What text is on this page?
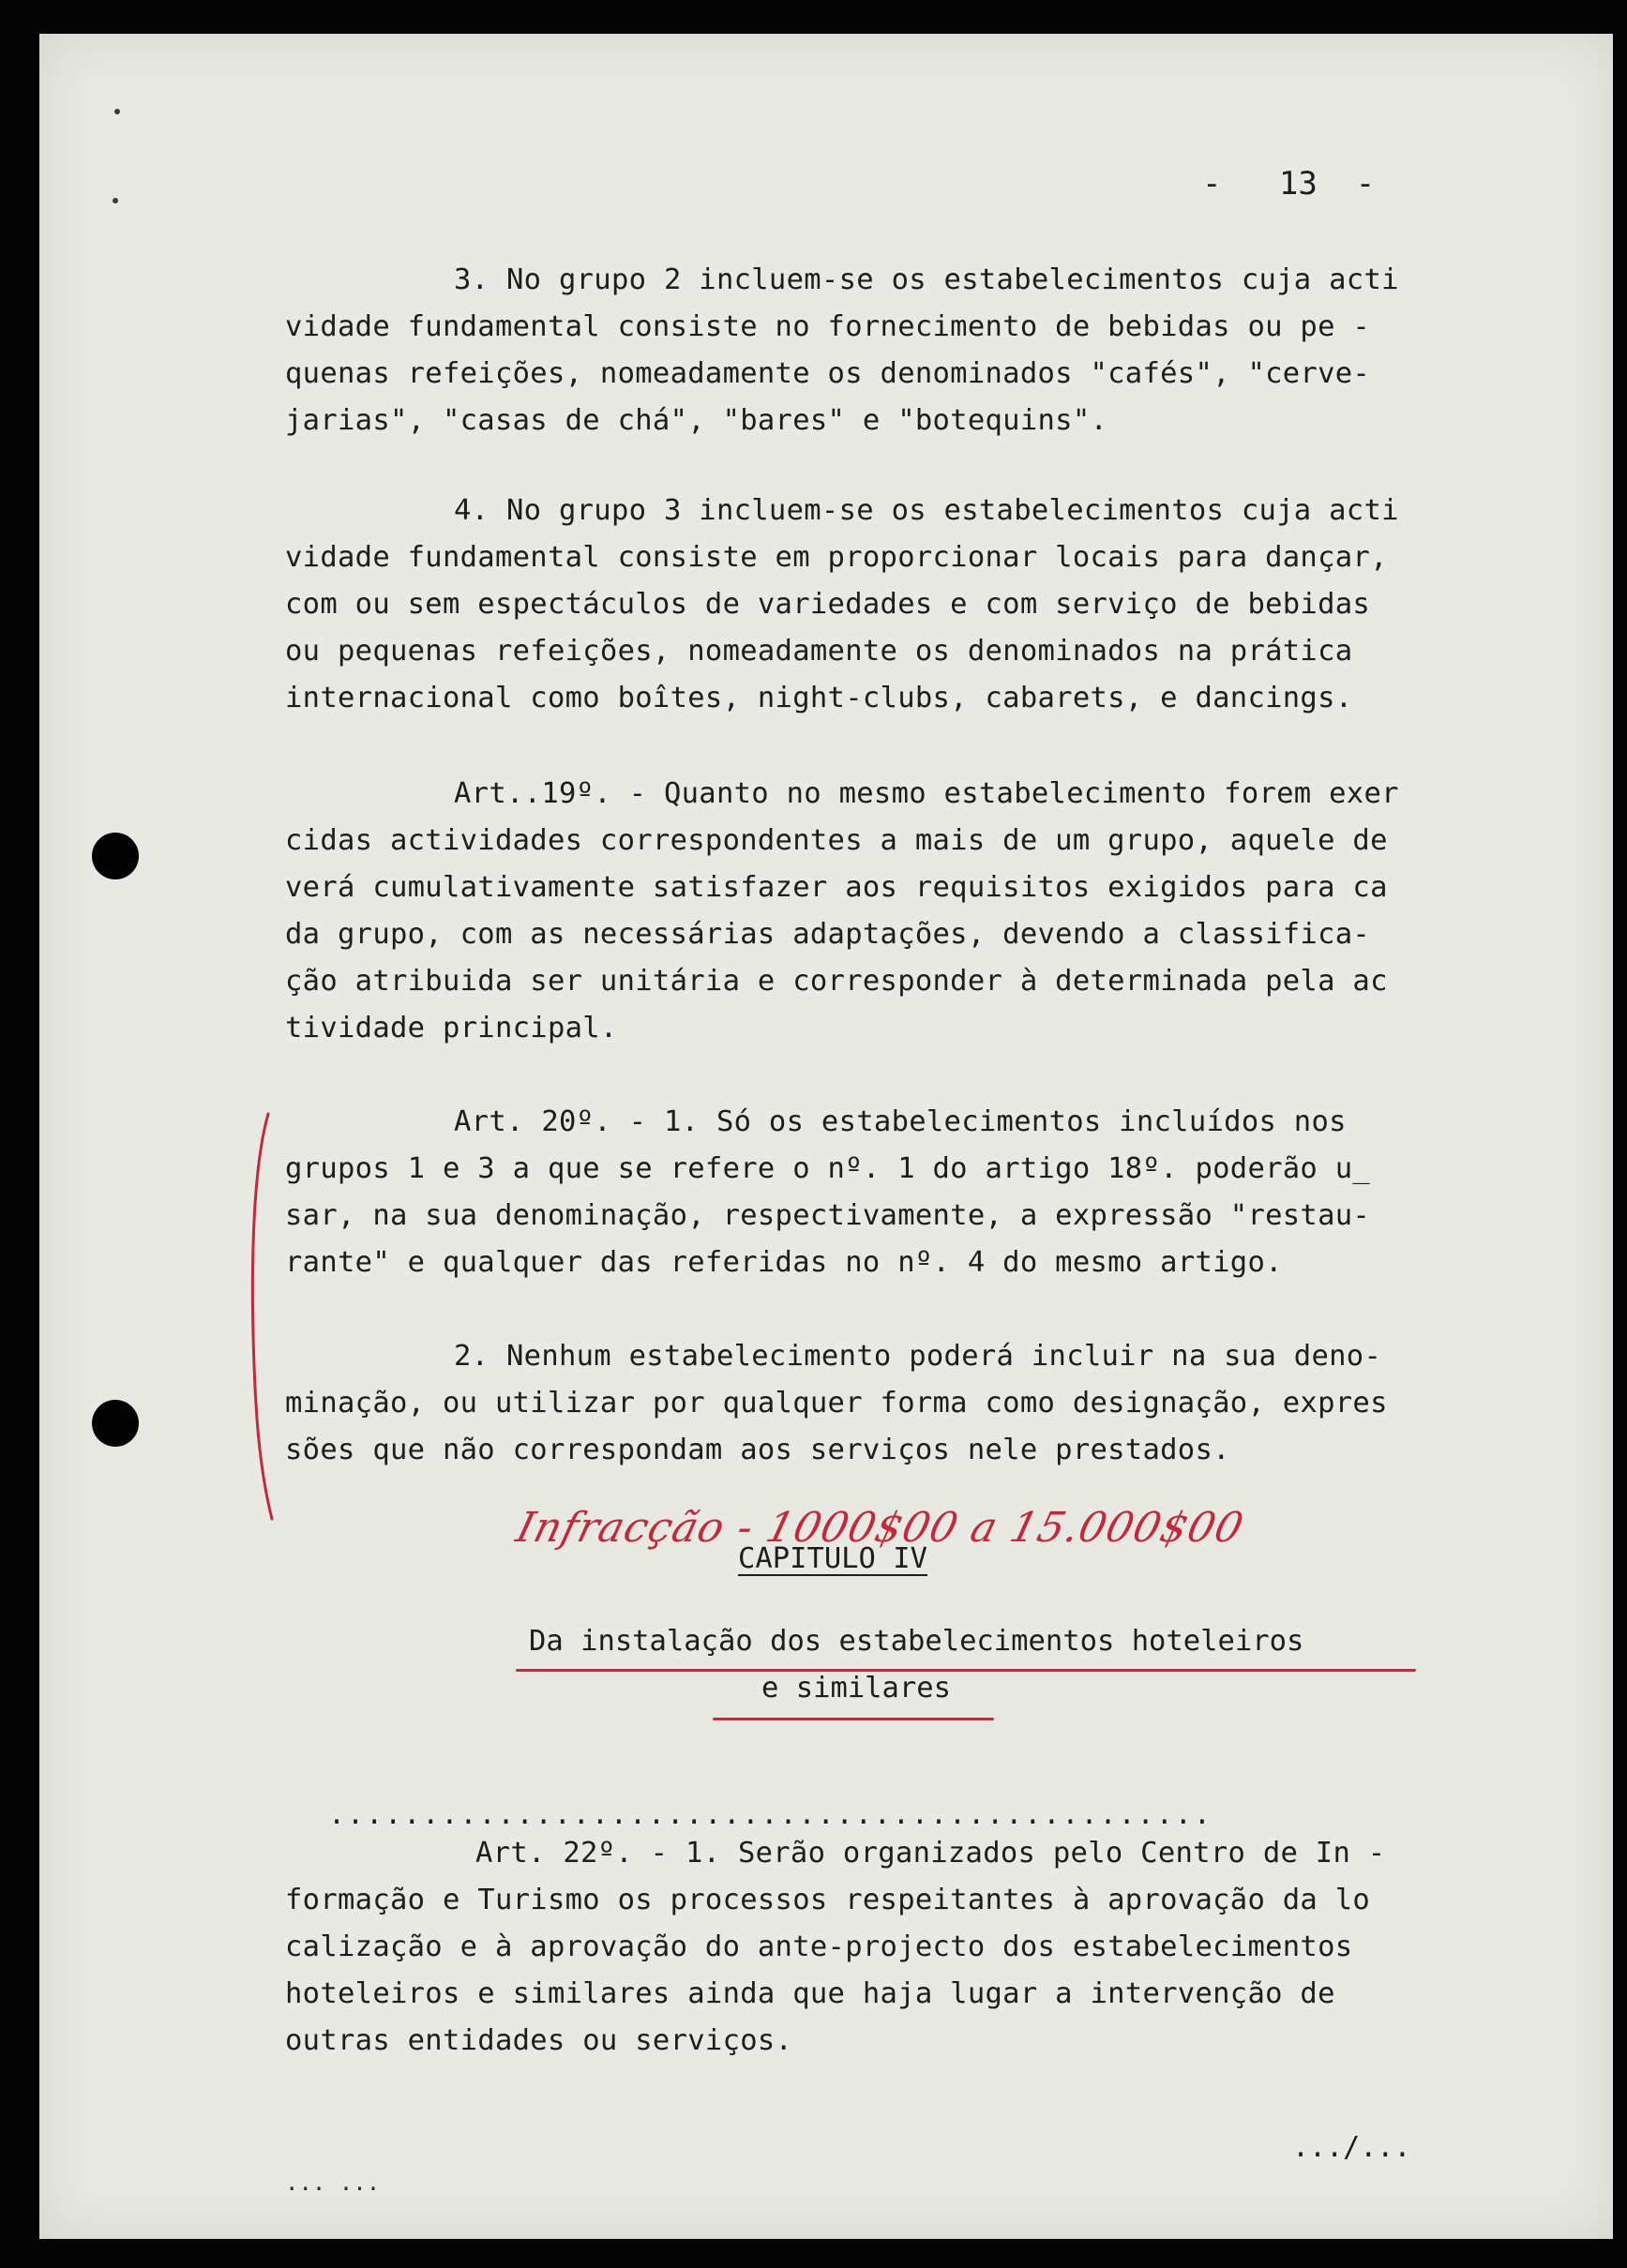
-   13  -
3. No grupo 2 incluem-se os estabelecimentos cuja acti
vidade fundamental consiste no fornecimento de bebidas ou pe -
quenas refeições, nomeadamente os denominados "cafés", "cerve-
jarias", "casas de chá", "bares" e "botequins".
4. No grupo 3 incluem-se os estabelecimentos cuja acti
vidade fundamental consiste em proporcionar locais para dançar,
com ou sem espectáculos de variedades e com serviço de bebidas
ou pequenas refeições, nomeadamente os denominados na prática
internacional como boîtes, night-clubs, cabarets, e dancings.
Art..19º. - Quanto no mesmo estabelecimento forem exer
cidas actividades correspondentes a mais de um grupo, aquele de
verá cumulativamente satisfazer aos requisitos exigidos para ca
da grupo, com as necessárias adaptações, devendo a classifica-
ção atribuida ser unitária e corresponder à determinada pela ac
tividade principal.
Art. 20º. - 1. Só os estabelecimentos incluídos nos
grupos 1 e 3 a que se refere o nº. 1 do artigo 18º. poderão u_
sar, na sua denominação, respectivamente, a expressão "restau-
rante" e qualquer das referidas no nº. 4 do mesmo artigo.
2. Nenhum estabelecimento poderá incluir na sua deno-
minação, ou utilizar por qualquer forma como designação, expres
sões que não correspondam aos serviços nele prestados.
Infracção - 1000$00 a 15.000$00
CAPITULO IV
Da instalação dos estabelecimentos hoteleiros
e similares
...............................................
Art. 22º. - 1. Serão organizados pelo Centro de In -
formação e Turismo os processos respeitantes à aprovação da lo
calização e à aprovação do ante-projecto dos estabelecimentos
hoteleiros e similares ainda que haja lugar a intervenção de
outras entidades ou serviços.
.../...
... ...
